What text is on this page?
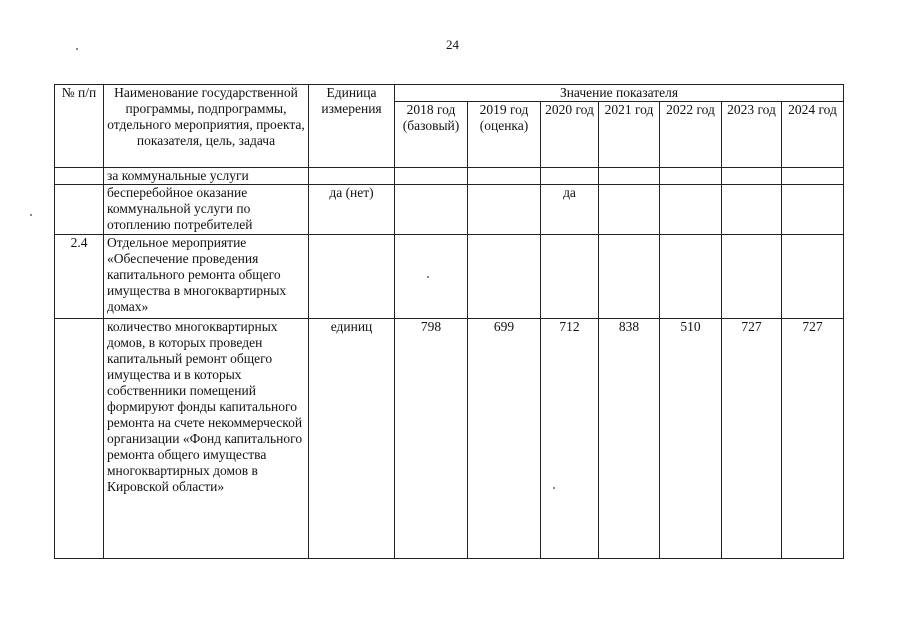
24
№ п/п	Наименование государственной программы, подпрограммы, отдельного мероприятия, проекта, показателя, цель, задача	Единица измерения	Значение показателя						
			2018 год (базовый)	2019 год (оценка)	2020 год	2021 год	2022 год	2023 год	2024 год
	за коммунальные услуги								
	бесперебойное оказание коммунальной услуги по отоплению потребителей	да (нет)			да				
2.4	Отдельное мероприятие «Обеспечение проведения капитального ремонта общего имущества в многоквартирных домах»								
	количество многоквартирных домов, в которых проведен капитальный ремонт общего имущества и в которых собственники помещений формируют фонды капитального ремонта на счете некоммерческой организации «Фонд капитального ремонта общего имущества многоквартирных домов в Кировской области»	единиц	798	699	712	838	510	727	727
